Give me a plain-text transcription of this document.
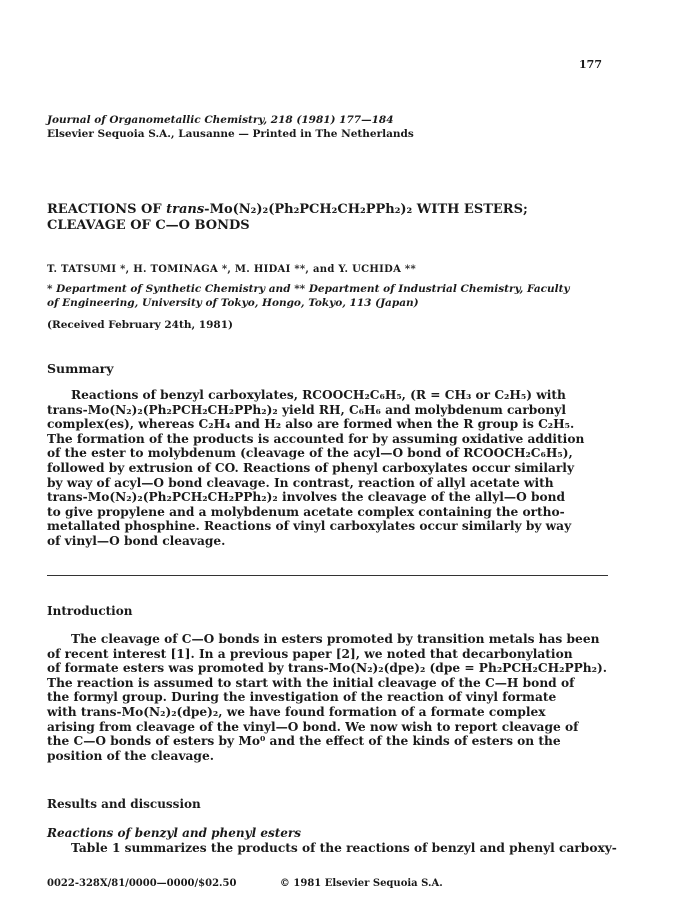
177
Journal of Organometallic Chemistry, 218 (1981) 177—184
Elsevier Sequoia S.A., Lausanne — Printed in The Netherlands
REACTIONS OF trans-Mo(N₂)₂(Ph₂PCH₂CH₂PPh₂)₂ WITH ESTERS;
CLEAVAGE OF C—O BONDS
T. TATSUMI *, H. TOMINAGA *, M. HIDAI **, and Y. UCHIDA **
* Department of Synthetic Chemistry and ** Department of Industrial Chemistry, Faculty
of Engineering, University of Tokyo, Hongo, Tokyo, 113 (Japan)
(Received February 24th, 1981)
Summary

Reactions of benzyl carboxylates, RCOOCH₂C₆H₅, (R = CH₃ or C₂H₅) with

trans-Mo(N₂)₂(Ph₂PCH₂CH₂PPh₂)₂ yield RH, C₆H₆ and molybdenum carbonyl
complex(es), whereas C₂H₄ and H₂ also are formed when the R group is C₂H₅.
The formation of the products is accounted for by assuming oxidative addition
of the ester to molybdenum (cleavage of the acyl—O bond of RCOOCH₂C₆H₅),
followed by extrusion of CO. Reactions of phenyl carboxylates occur similarly
by way of acyl—O bond cleavage. In contrast, reaction of allyl acetate with
trans-Mo(N₂)₂(Ph₂PCH₂CH₂PPh₂)₂ involves the cleavage of the allyl—O bond
to give propylene and a molybdenum acetate complex containing the ortho-
metallated phosphine. Reactions of vinyl carboxylates occur similarly by way
of vinyl—O bond cleavage.
Introduction

The cleavage of C—O bonds in esters promoted by transition metals has been

of recent interest [1]. In a previous paper [2], we noted that decarbonylation
of formate esters was promoted by trans-Mo(N₂)₂(dpe)₂ (dpe = Ph₂PCH₂CH₂PPh₂).
The reaction is assumed to start with the initial cleavage of the C—H bond of
the formyl group. During the investigation of the reaction of vinyl formate
with trans-Mo(N₂)₂(dpe)₂, we have found formation of a formate complex
arising from cleavage of the vinyl—O bond. We now wish to report cleavage of
the C—O bonds of esters by Mo⁰ and the effect of the kinds of esters on the
position of the cleavage.
Results and discussion
Reactions of benzyl and phenyl esters
Table 1 summarizes the products of the reactions of benzyl and phenyl carboxy-
0022-328X/81/0000—0000/$02.50	© 1981 Elsevier Sequoia S.A.
